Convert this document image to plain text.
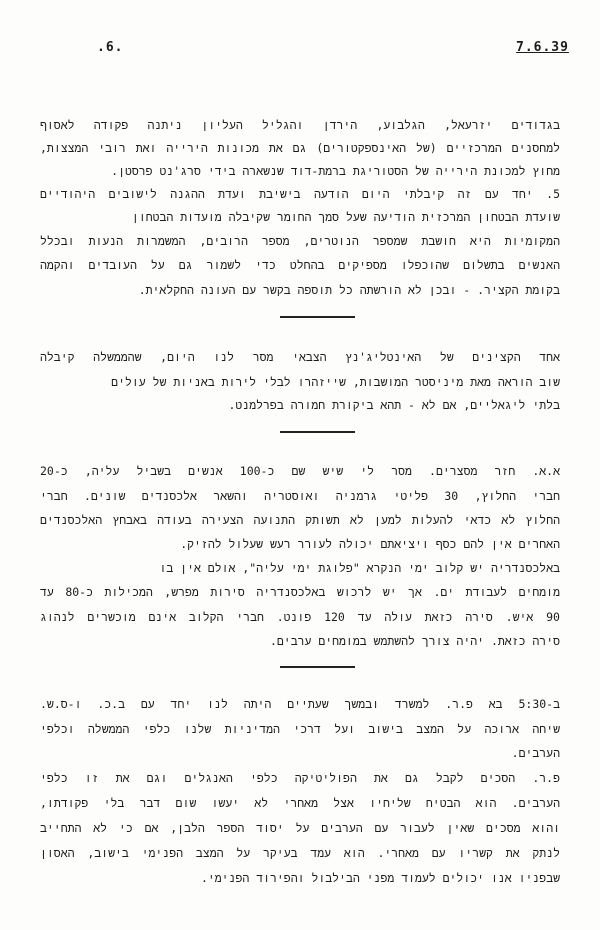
.6.	7.6.39
בגדודים יזרעאל, הגלבוע, הירדן והגליל העליון ניתנה פקודה לאסוף
למחסנים המרכזיים (של האינספקטורים) גם את מכונות הירייה ואת רובי המצצות,
מחוץ למכונת הירייה של הסטוריגת ברמת-דוד שנשארה בידי סרג'נט פרסטן.
5. יחד עם זה קיבלתי היום הודעה בישיבת ועדת ההגנה לישובים היהודיים
שועדת הבטחון המרכזית הודיעה שעל סמך החומר שקיבלה מועדות הבטחון
המקומיות היא חושבת שמספר הנוטרים, מספר הרובים, המשמרות הנעות ובכלל
האנשים בתשלום שהוכפלו מספיקים בהחלט כדי לשמור גם על העובדים והקמה
בקומת הקציר. - ובכן לא הורשתה כל תוספה בקשר עם העונה החקלאית.
אחד הקצינים של האינטליג'נץ הצבאי מסר לנו היום, שהממשלה קיבלה
שוב הוראה מאת מיניסטר המושבות, שייזהרו לבלי לירות באניות של עולים
בלתי ליגאליים, אם לא - תהא ביקורת חמורה בפרלמנט.
א.א. חזר מסצרים. מסר לי שיש שם כ-100 אנשים בשביל עליה, כ-20
חברי החלוץ, 30 פליטי גרמניה ואוסטריה והשאר אלכסנדים שונים. חברי
החלוץ לא כדאי להעלות למען לא תשותק התנועה הצעירה בעודה באבחץ האלכסנדים
האחרים אין להם כסף ויציאתם יכולה לעורר רעש שעלול להזיק.
באלכסנדריה יש קלוב ימי הנקרא "פלוגת ימי עליה", אולם אין בו
מומחים לעבודת ים. אך יש לרכוש באלכסנדריה סירות מפרש, המכילות כ-80 עד
90 איש. סירה כזאת עולה עד 120 פונט. חברי הקלוב אינם מוכשרים לנהוג
סירה כזאת. יהיה צורך להשתמש במומחים ערבים.
ב-5:30 בא פ.ר. למשרד ובמשך שעתיים היתה לנו יחד עם ב.כ. ו-ס.ש.
שיחה ארוכה על המצב בישוב ועל דרכי המדיניות שלנו כלפי הממשלה וכלפי
הערבים.
פ.ר. הסכים לקבל גם את הפוליטיקה כלפי האנגלים וגם את זו כלפי
הערבים. הוא הבטיח שליחיו אצל מאחרי לא יעשו שום דבר בלי פקודתו,
והוא מסכים שאין לעבור עם הערבים על יסוד הספר הלבן, אם כי לא התחייב
לנתק את קשריו עם מאחרי. הוא עמד בעיקר על המצב הפנימי בישוב, האסון
שבפניו אנו יכולים לעמוד מפני הבילבול והפירוד הפנימי.
